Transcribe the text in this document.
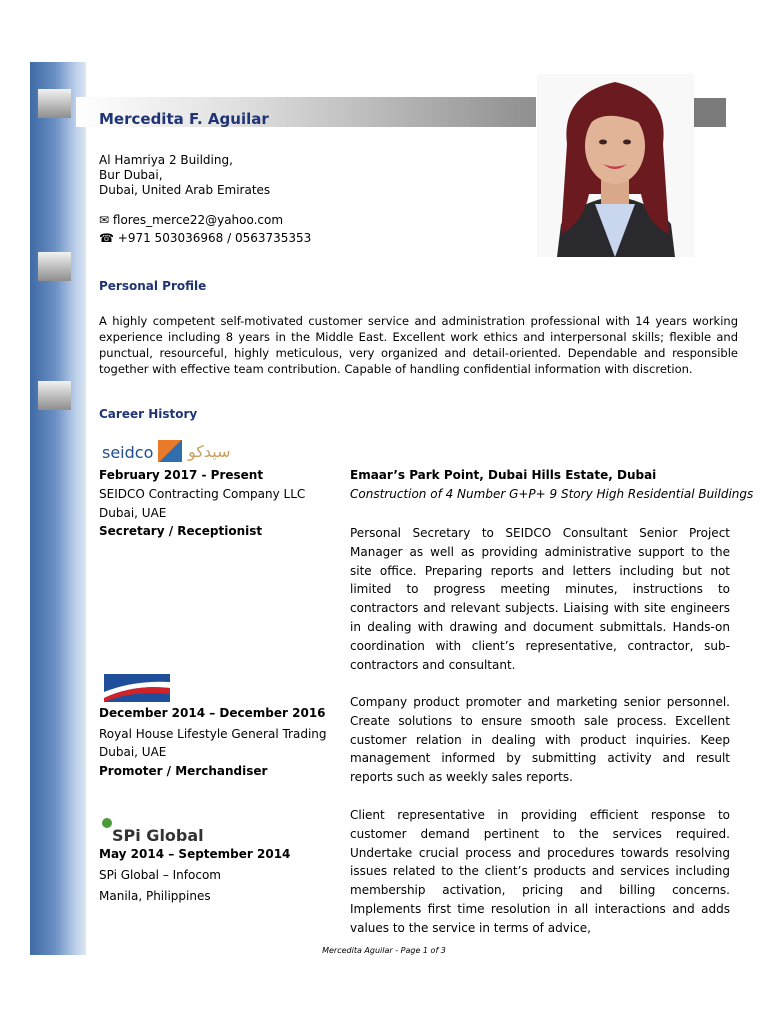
Mercedita F. Aguilar
Al Hamriya 2 Building,
Bur Dubai,
Dubai, United Arab Emirates
✉ flores_merce22@yahoo.com
☎ +971 503036968 / 0563735353
Personal Profile
A highly competent self-motivated customer service and administration professional with 14 years working experience including 8 years in the Middle East. Excellent work ethics and interpersonal skills; flexible and punctual, resourceful, highly meticulous, very organized and detail-oriented. Dependable and responsible together with effective team contribution. Capable of handling confidential information with discretion.
Career History
seidco سيدكو
February 2017 - Present
SEIDCO Contracting Company LLC
Dubai, UAE
Secretary / Receptionist
Emaar’s Park Point, Dubai Hills Estate, Dubai
Construction of 4 Number G+P+ 9 Story High Residential Buildings
Personal Secretary to SEIDCO Consultant Senior Project Manager as well as providing administrative support to the site office. Preparing reports and letters including but not limited to progress meeting minutes, instructions to contractors and relevant subjects. Liaising with site engineers in dealing with drawing and document submittals. Hands-on coordination with client’s representative, contractor, sub-contractors and consultant.
December 2014 – December 2016
Royal House Lifestyle General Trading
Dubai, UAE
Promoter / Merchandiser
Company product promoter and marketing senior personnel. Create solutions to ensure smooth sale process. Excellent customer relation in dealing with product inquiries. Keep management informed by submitting activity and result reports such as weekly sales reports.
SPi Global
May 2014 – September 2014
SPi Global – Infocom
Manila, Philippines
Client representative in providing efficient response to customer demand pertinent to the services required. Undertake crucial process and procedures towards resolving issues related to the client’s products and services including membership activation, pricing and billing concerns. Implements first time resolution in all interactions and adds values to the service in terms of advice,
Mercedita Aguilar - Page 1 of 3
